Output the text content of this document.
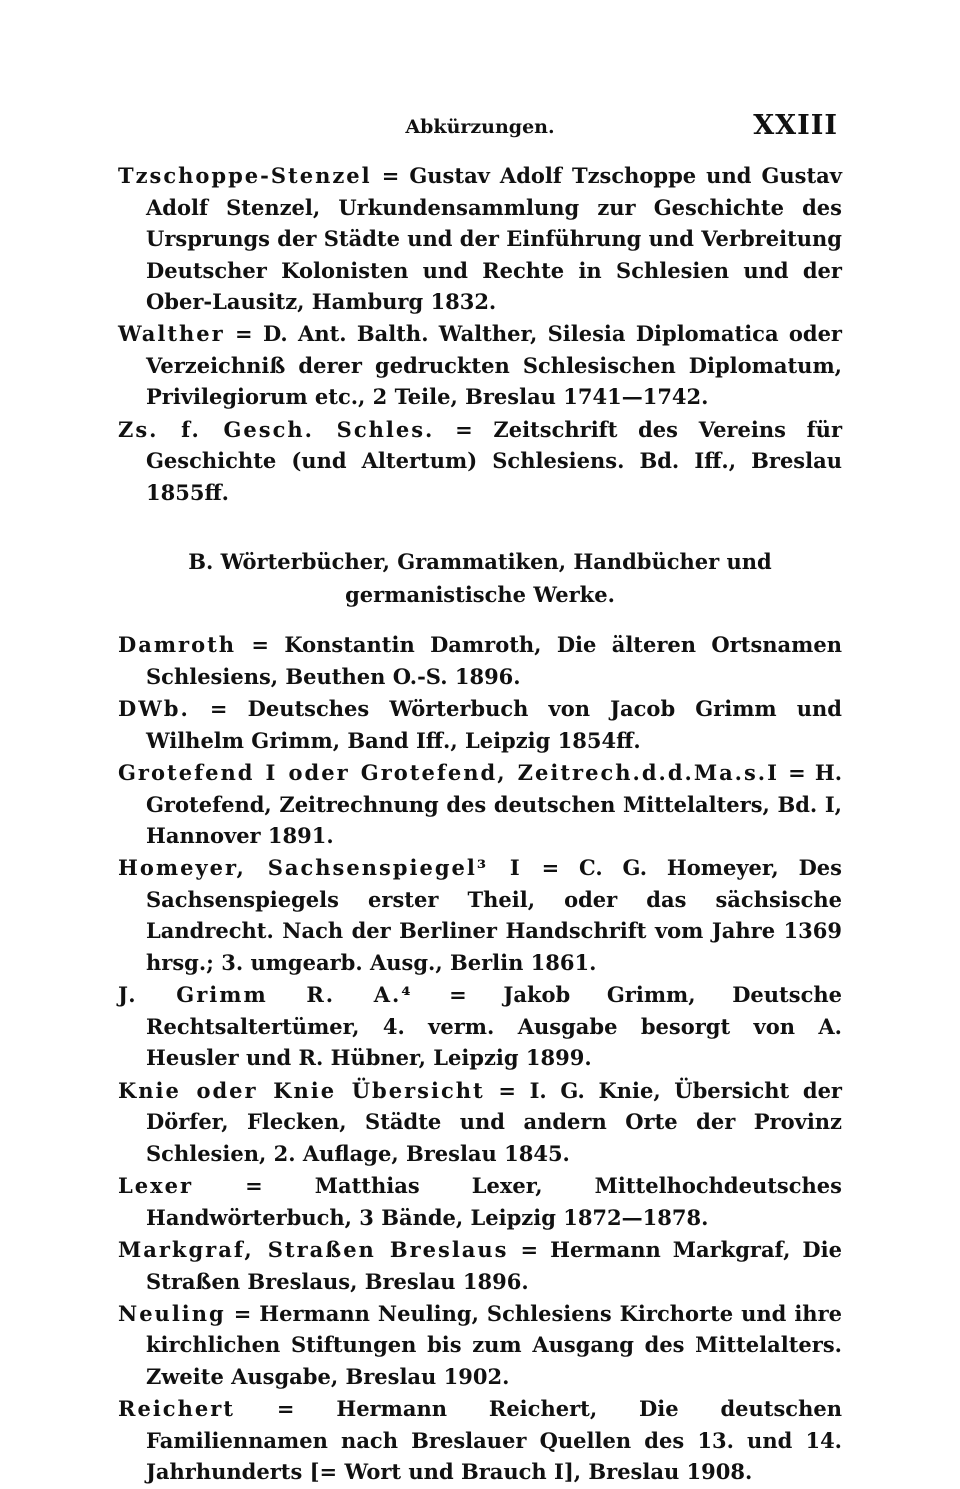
Abkürzungen.	XXIII

Tzschoppe-Stenzel = Gustav Adolf Tzschoppe und Gustav Adolf Stenzel, Urkundensammlung zur Geschichte des Ursprungs der Städte und der Einführung und Verbreitung Deutscher Kolonisten und Rechte in Schlesien und der Ober-Lausitz, Hamburg 1832.

Walther = D. Ant. Balth. Walther, Silesia Diplomatica oder Verzeichniß derer gedruckten Schlesischen Diplomatum, Privilegiorum etc., 2 Teile, Breslau 1741—1742.

Zs. f. Gesch. Schles. = Zeitschrift des Vereins für Geschichte (und Altertum) Schlesiens. Bd. Iff., Breslau 1855ff.

B. Wörterbücher, Grammatiken, Handbücher und
germanistische Werke.

Damroth = Konstantin Damroth, Die älteren Ortsnamen Schlesiens, Beuthen O.-S. 1896.

DWb. = Deutsches Wörterbuch von Jacob Grimm und Wilhelm Grimm, Band Iff., Leipzig 1854ff.

Grotefend I oder Grotefend, Zeitrech.d.d.Ma.s.I = H. Grotefend, Zeitrechnung des deutschen Mittelalters, Bd. I, Hannover 1891.

Homeyer, Sachsenspiegel³ I = C. G. Homeyer, Des Sachsenspiegels erster Theil, oder das sächsische Landrecht. Nach der Berliner Handschrift vom Jahre 1369 hrsg.; 3. umgearb. Ausg., Berlin 1861.

J. Grimm R. A.⁴ = Jakob Grimm, Deutsche Rechtsaltertümer, 4. verm. Ausgabe besorgt von A. Heusler und R. Hübner, Leipzig 1899.

Knie oder Knie Übersicht = I. G. Knie, Übersicht der Dörfer, Flecken, Städte und andern Orte der Provinz Schlesien, 2. Auflage, Breslau 1845.

Lexer = Matthias Lexer, Mittelhochdeutsches Handwörterbuch, 3 Bände, Leipzig 1872—1878.

Markgraf, Straßen Breslaus = Hermann Markgraf, Die Straßen Breslaus, Breslau 1896.

Neuling = Hermann Neuling, Schlesiens Kirchorte und ihre kirchlichen Stiftungen bis zum Ausgang des Mittelalters. Zweite Ausgabe, Breslau 1902.

Reichert = Hermann Reichert, Die deutschen Familiennamen nach Breslauer Quellen des 13. und 14. Jahrhunderts [= Wort und Brauch I], Breslau 1908.
